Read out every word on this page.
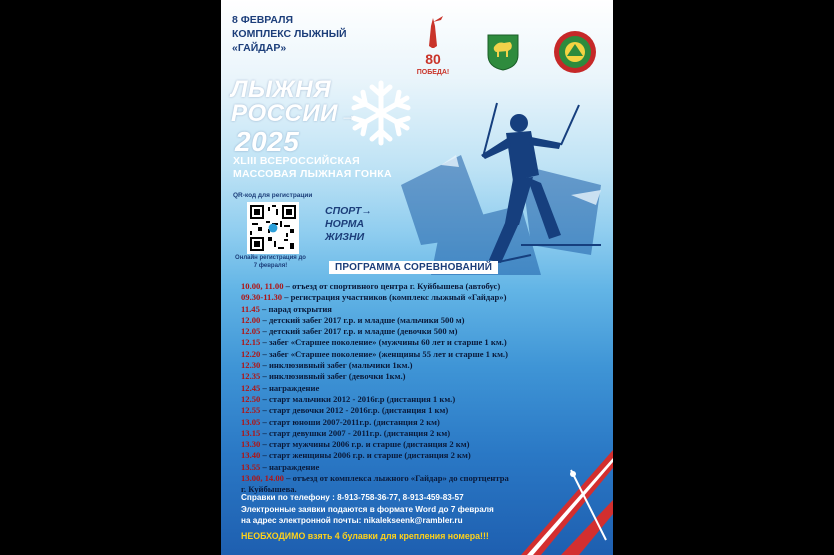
8 ФЕВРАЛЯ
КОМПЛЕКС ЛЫЖНЫЙ
«ГАЙДАР»
80
ПОБЕДА!
ЛЫЖНЯ
РОССИИ →
2025
XLIII ВСЕРОССИЙСКАЯ
МАССОВАЯ ЛЫЖНАЯ ГОНКА
QR-код для регистрации
Онлайн регистрация до 7 февраля!
СПОРТ→
НОРМА
ЖИЗНИ
ПРОГРАММА СОРЕВНОВАНИЙ
10.00, 11.00 – отъезд от спортивного центра г. Куйбышева (автобус)
09.30-11.30 – регистрация участников (комплекс лыжный «Гайдар»)
11.45 – парад открытия
12.00 – детский забег 2017 г.р. и младше (мальчики 500 м)
12.05 – детский забег 2017 г.р. и младше (девочки 500 м)
12.15 – забег «Старшее поколение» (мужчины 60 лет и старше 1 км.)
12.20 – забег «Старшее поколение» (женщины 55 лет и старше 1 км.)
12.30 – инклюзивный забег (мальчики 1км.)
12.35 – инклюзивный забег (девочки 1км.)
12.45 – награждение
12.50 – старт мальчики 2012 - 2016г.р (дистанция 1 км.)
12.55 – старт девочки 2012 - 2016г.р. (дистанция 1 км)
13.05 – старт юноши 2007-2011г.р. (дистанция 2 км)
13.15 – старт девушки 2007 - 2011г.р. (дистанция 2 км)
13.30 – старт мужчины 2006 г.р. и старше (дистанция 2 км)
13.40 – старт женщины 2006 г.р. и старше (дистанция 2 км)
13.55 – награждение
13.00, 14.00 – отъезд от комплекса лыжного «Гайдар» до спортцентра
г. Куйбышева.
Справки по телефону : 8-913-758-36-77, 8-913-459-83-57
Электронные заявки подаются в формате Word до 7 февраля
на адрес электронной почты: nikalekseenk@rambler.ru
НЕОБХОДИМО взять 4 булавки для крепления номера!!!
